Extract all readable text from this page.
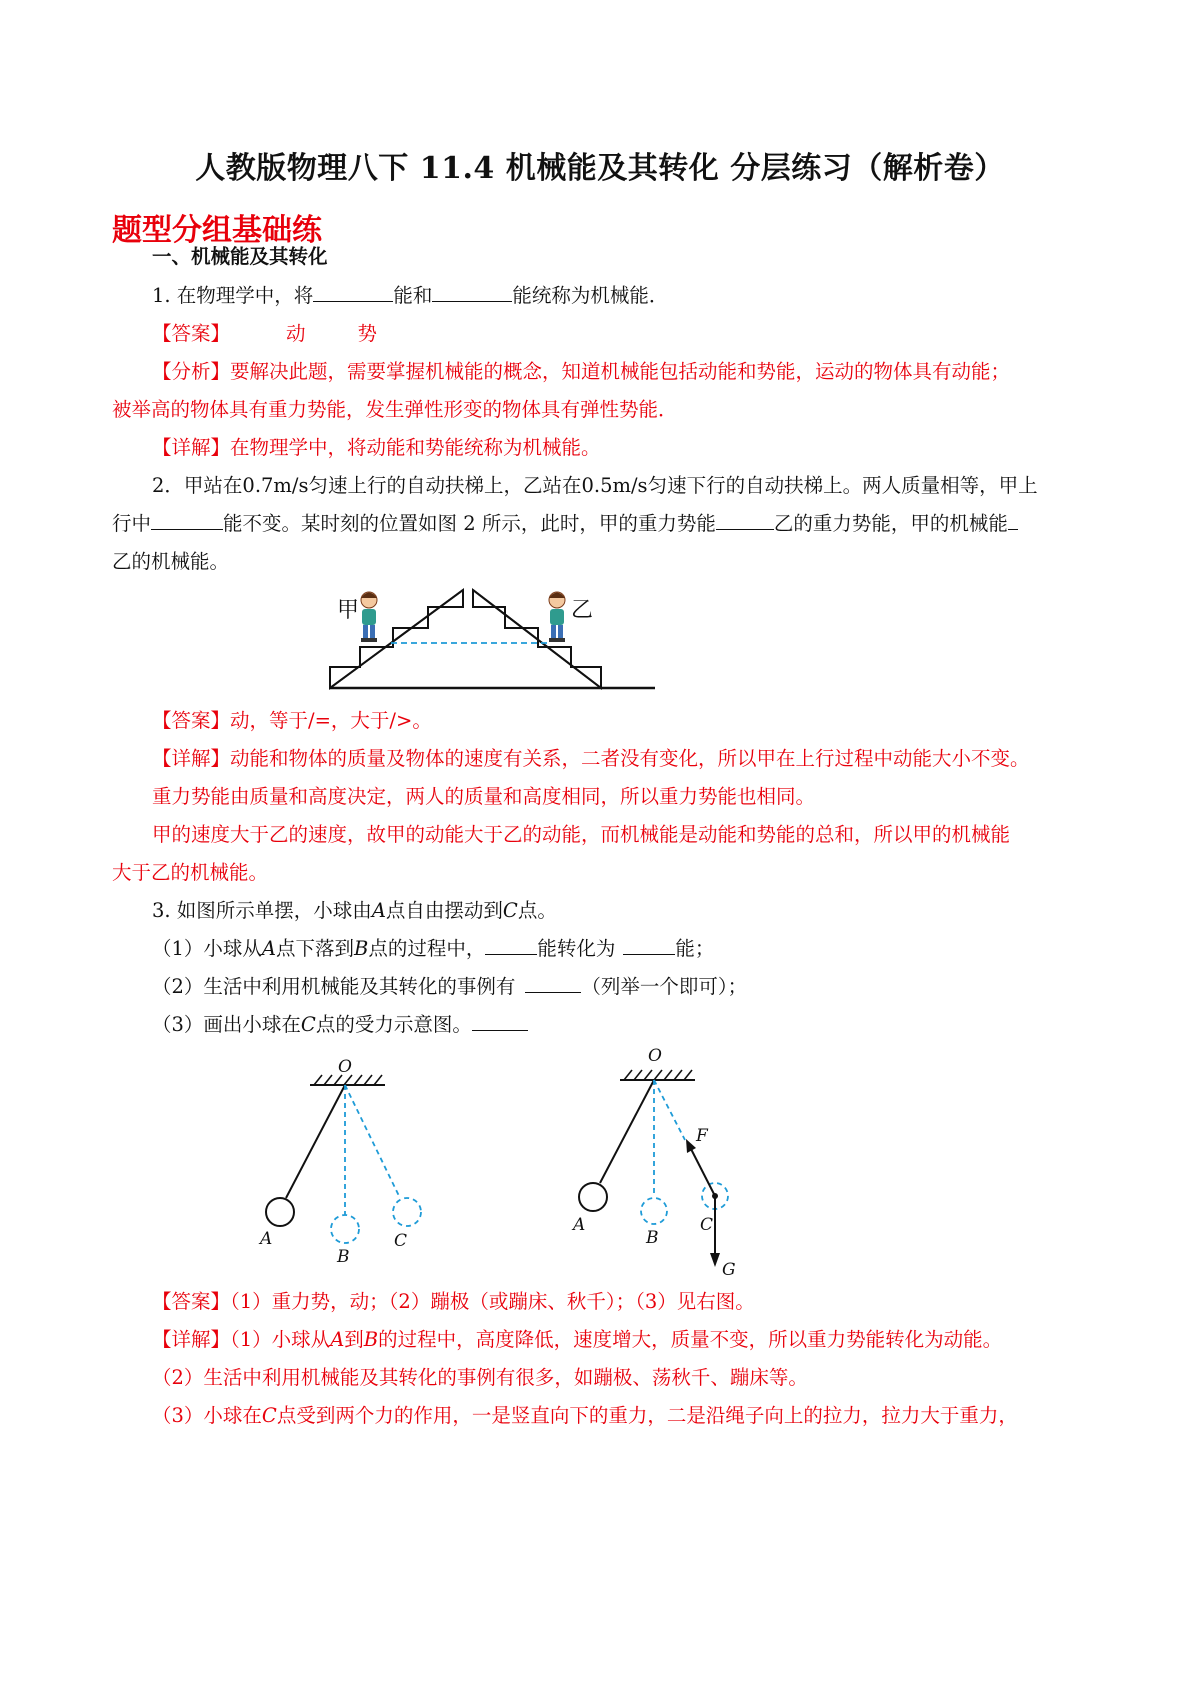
人教版物理八下 11.4 机械能及其转化 分层练习（解析卷）
题型分组基础练
一、机械能及其转化
1. 在物理学中，将	能和	能统称为机械能．
【答案】	动	势
【分析】要解决此题，需要掌握机械能的概念，知道机械能包括动能和势能，运动的物体具有动能；
被举高的物体具有重力势能，发生弹性形变的物体具有弹性势能．
【详解】在物理学中，将动能和势能统称为机械能。
2．甲站在0.7m/s匀速上行的自动扶梯上，乙站在0.5m/s匀速下行的自动扶梯上。两人质量相等，甲上
行中	能不变。某时刻的位置如图 2 所示，此时，甲的重力势能	乙的重力势能，甲的机械能
乙的机械能。
甲	乙
【答案】动，等于/=，大于/>。
【详解】动能和物体的质量及物体的速度有关系，二者没有变化，所以甲在上行过程中动能大小不变。
重力势能由质量和高度决定，两人的质量和高度相同，所以重力势能也相同。
甲的速度大于乙的速度，故甲的动能大于乙的动能，而机械能是动能和势能的总和，所以甲的机械能
大于乙的机械能。
3. 如图所示单摆，小球由A点自由摆动到C点。
（1）小球从A点下落到B点的过程中，	能转化为	能；
（2）生活中利用机械能及其转化的事例有	（列举一个即可）；
（3）画出小球在C点的受力示意图。
O
A
B
C
O
F
G
A
B
C
【答案】（1）重力势，动；（2）蹦极（或蹦床、秋千）；（3）见右图。
【详解】（1）小球从A到B的过程中，高度降低，速度增大，质量不变，所以重力势能转化为动能。
（2）生活中利用机械能及其转化的事例有很多，如蹦极、荡秋千、蹦床等。
（3）小球在C点受到两个力的作用，一是竖直向下的重力，二是沿绳子向上的拉力，拉力大于重力，
